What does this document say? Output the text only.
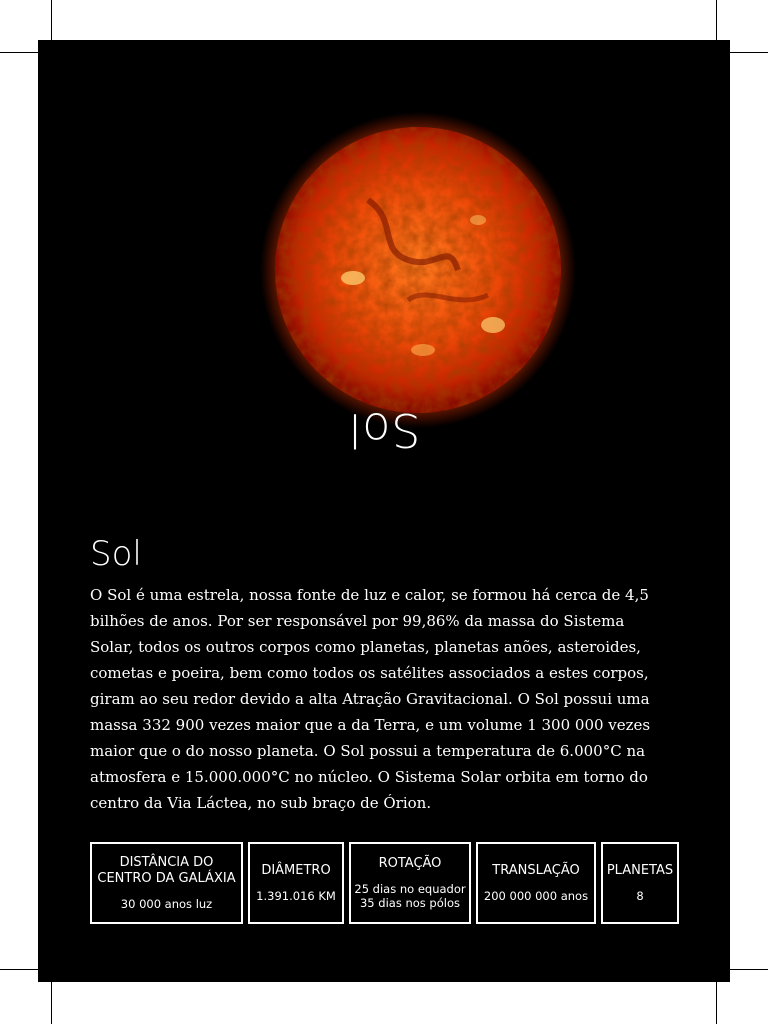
Sol
Sol

O Sol é uma estrela, nossa fonte de luz e calor, se formou há cerca de 4,5 bilhões de anos. Por ser responsável por 99,86% da massa do Sistema Solar, todos os outros corpos como planetas, planetas anões, asteroides, cometas e poeira, bem como todos os satélites associados a estes corpos, giram ao seu redor devido a alta Atração Gravitacional. O Sol possui uma massa 332 900 vezes maior que a da Terra, e um volume 1 300 000 vezes maior que o do nosso planeta. O Sol possui a temperatura de 6.000°C na atmosfera e 15.000.000°C no núcleo. O Sistema Solar orbita em torno do centro da Via Láctea, no sub braço de Órion.

DISTÂNCIA DO CENTRO DA GALÁXIA
30 000 anos luz
DIÂMETRO
1.391.016 KM
ROTAÇÃO
25 dias no equador
35 dias nos pólos
TRANSLAÇÃO
200 000 000 anos
PLANETAS
8
